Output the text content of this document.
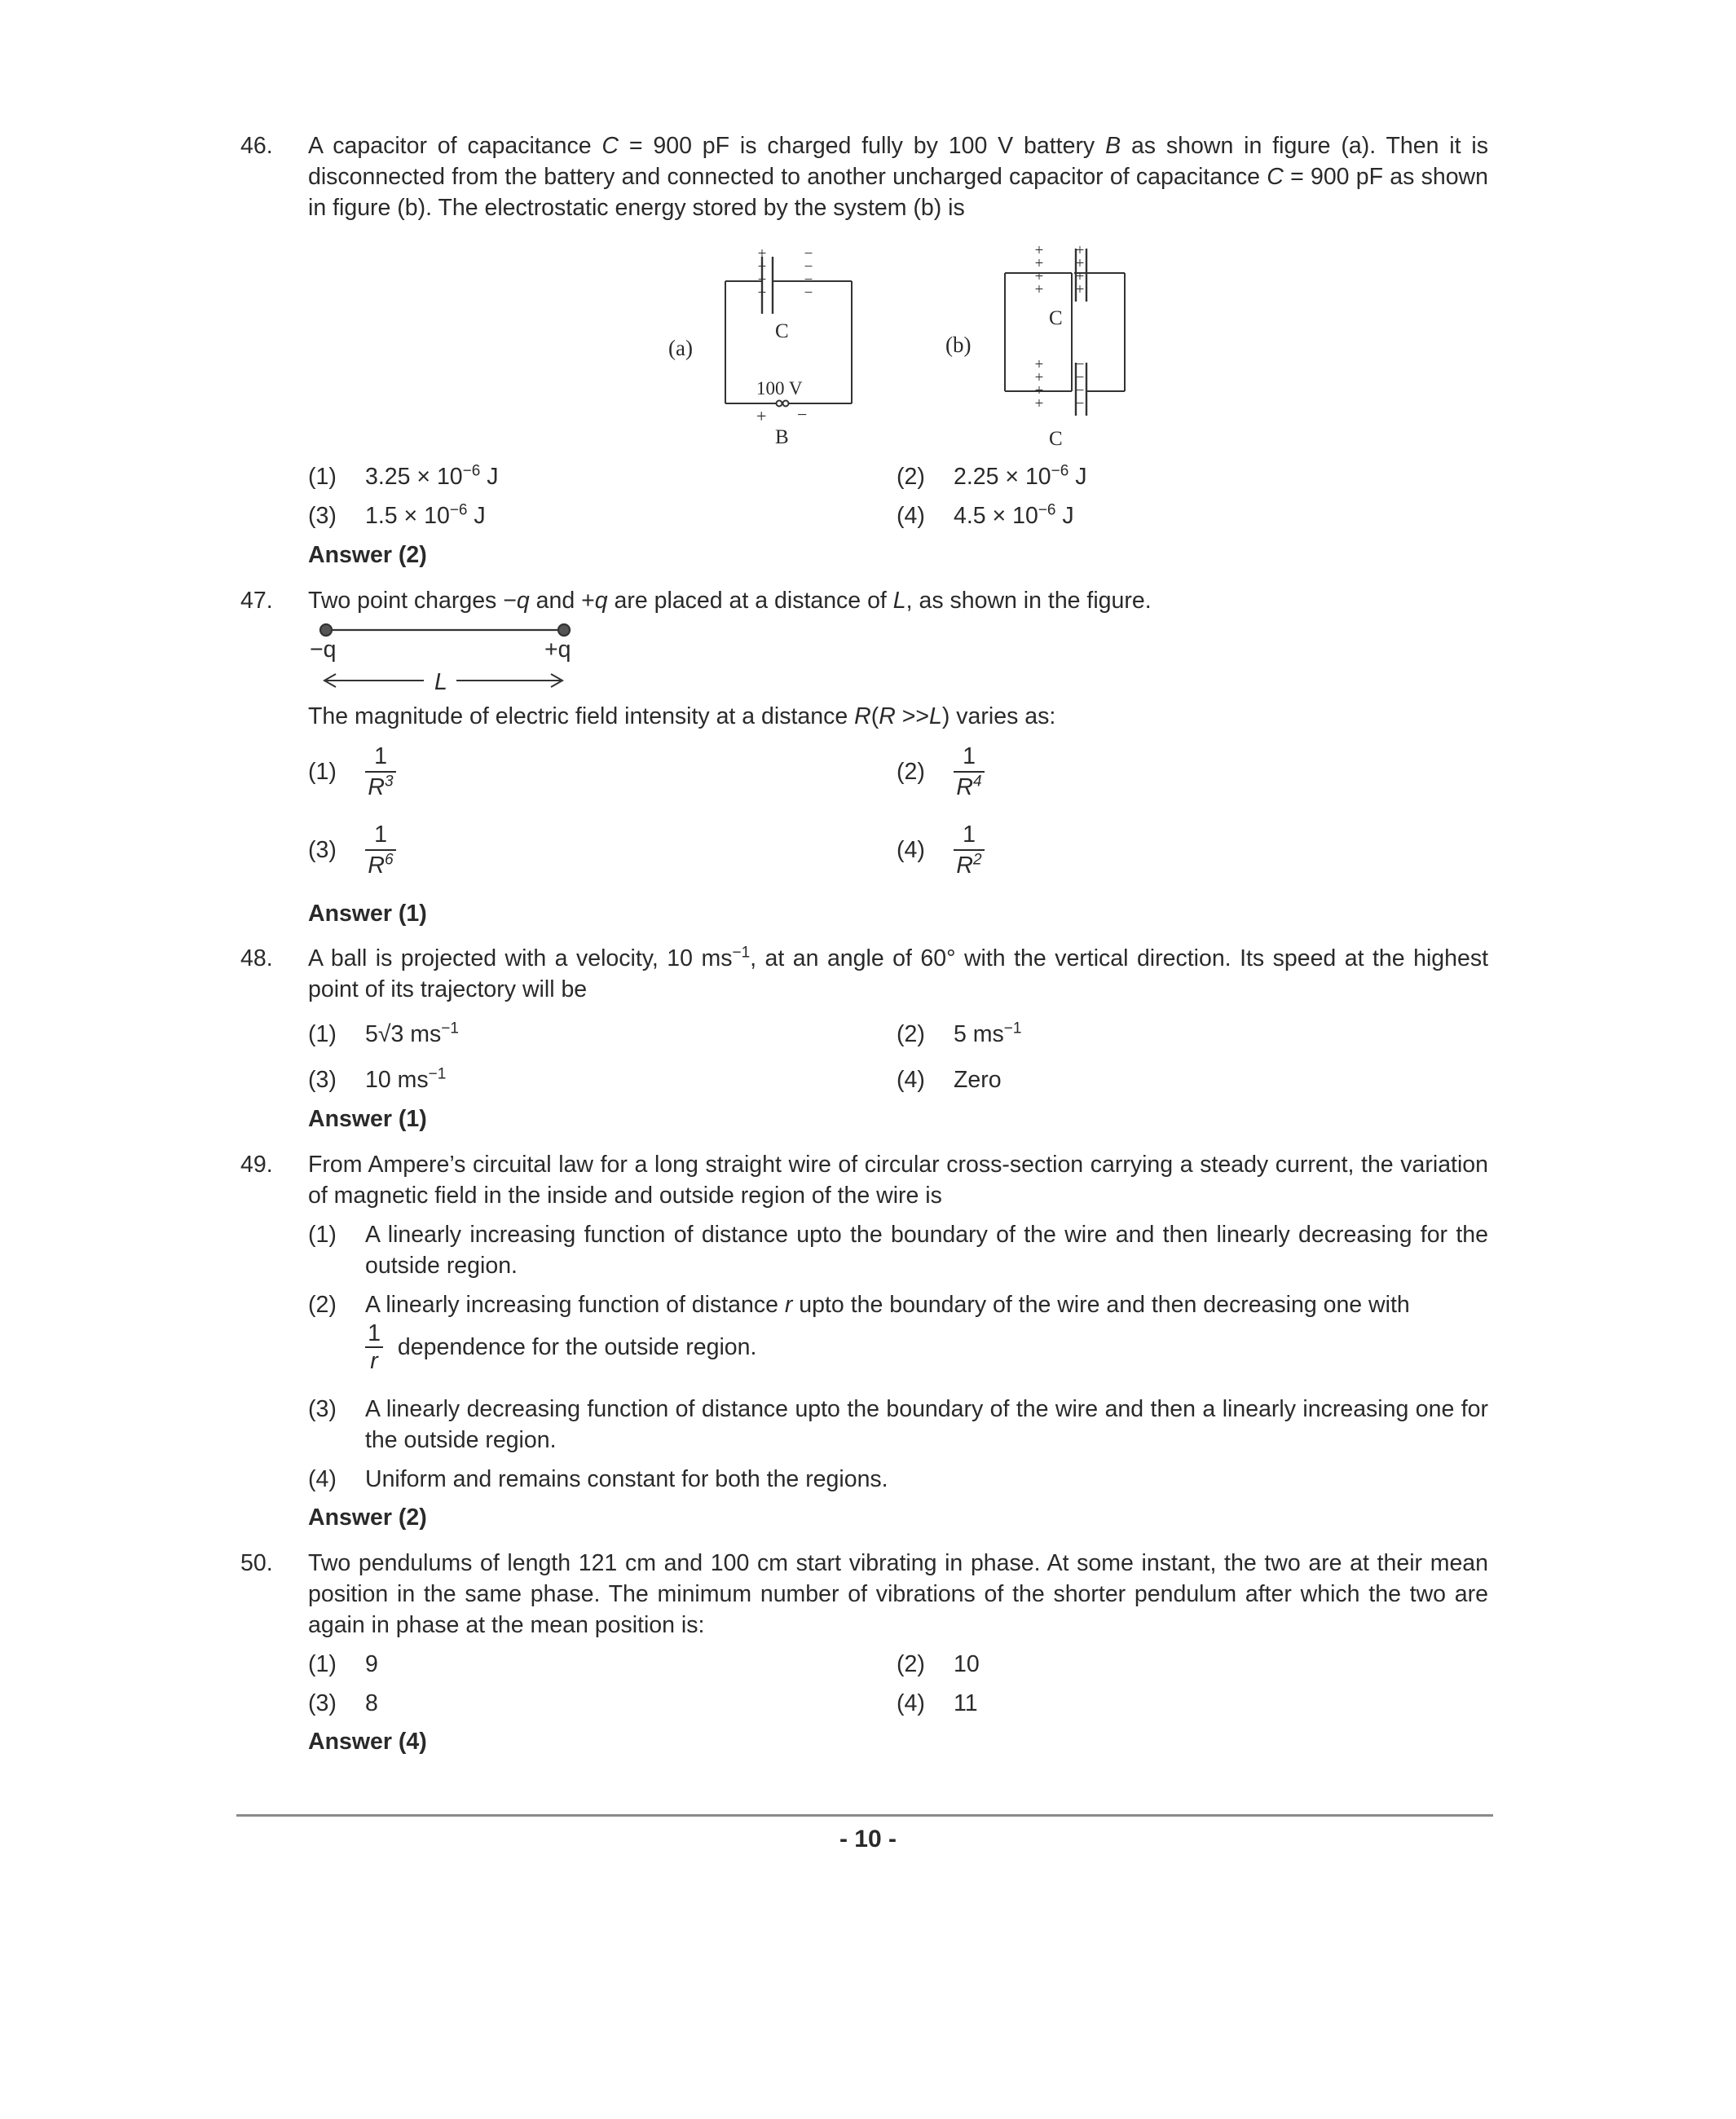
46.	A capacitor of capacitance C = 900 pF is charged fully by 100 V battery B as shown in figure (a). Then it is disconnected from the battery and connected to another uncharged capacitor of capacitance C = 900 pF as shown in figure (b). The electrostatic energy stored by the system (b) is
(a)
C
100 V
+ −
B
+
+
+
+
−
−
−
−
(b)
C
C
+
+
+
+
+
+
+
+
+
+
+
+
−
−
−
−
(1) $3.25 \times 10^{-6}$ J	(2) $2.25 \times 10^{-6}$ J
(3) $1.5 \times 10^{-6}$ J	(4) $4.5 \times 10^{-6}$ J
Answer (2)
47.	Two point charges −q and +q are placed at a distance of L, as shown in the figure.
−q	+q
L
The magnitude of electric field intensity at a distance R(R >>L) varies as:
$(1) \frac{1}{R^3}$	$(2) \frac{1}{R^4}$
$(3) \frac{1}{R^6}$	$(4) \frac{1}{R^2}$
Answer (1)
48.	A ball is projected with a velocity, 10 $ms^{-1}$, at an angle of 60° with the vertical direction. Its speed at the highest point of its trajectory will be
(1) 5√3 $ms^{-1}$	(2) 5 $ms^{-1}$
(3) 10 $ms^{-1}$	(4) Zero
Answer (1)
49.	From Ampere’s circuital law for a long straight wire of circular cross-section carrying a steady current, the variation of magnetic field in the inside and outside region of the wire is
(1)	A linearly increasing function of distance upto the boundary of the wire and then linearly decreasing for the outside region.
(2)	A linearly increasing function of distance r upto the boundary of the wire and then decreasing one with
$\frac{1}{r}$ dependence for the outside region.
(3)	A linearly decreasing function of distance upto the boundary of the wire and then a linearly increasing one for the outside region.
(4)	Uniform and remains constant for both the regions.
Answer (2)
50.	Two pendulums of length 121 cm and 100 cm start vibrating in phase. At some instant, the two are at their mean position in the same phase. The minimum number of vibrations of the shorter pendulum after which the two are again in phase at the mean position is:
(1) 9	(2) 10
(3) 8	(4) 11
Answer (4)
- 10 -
